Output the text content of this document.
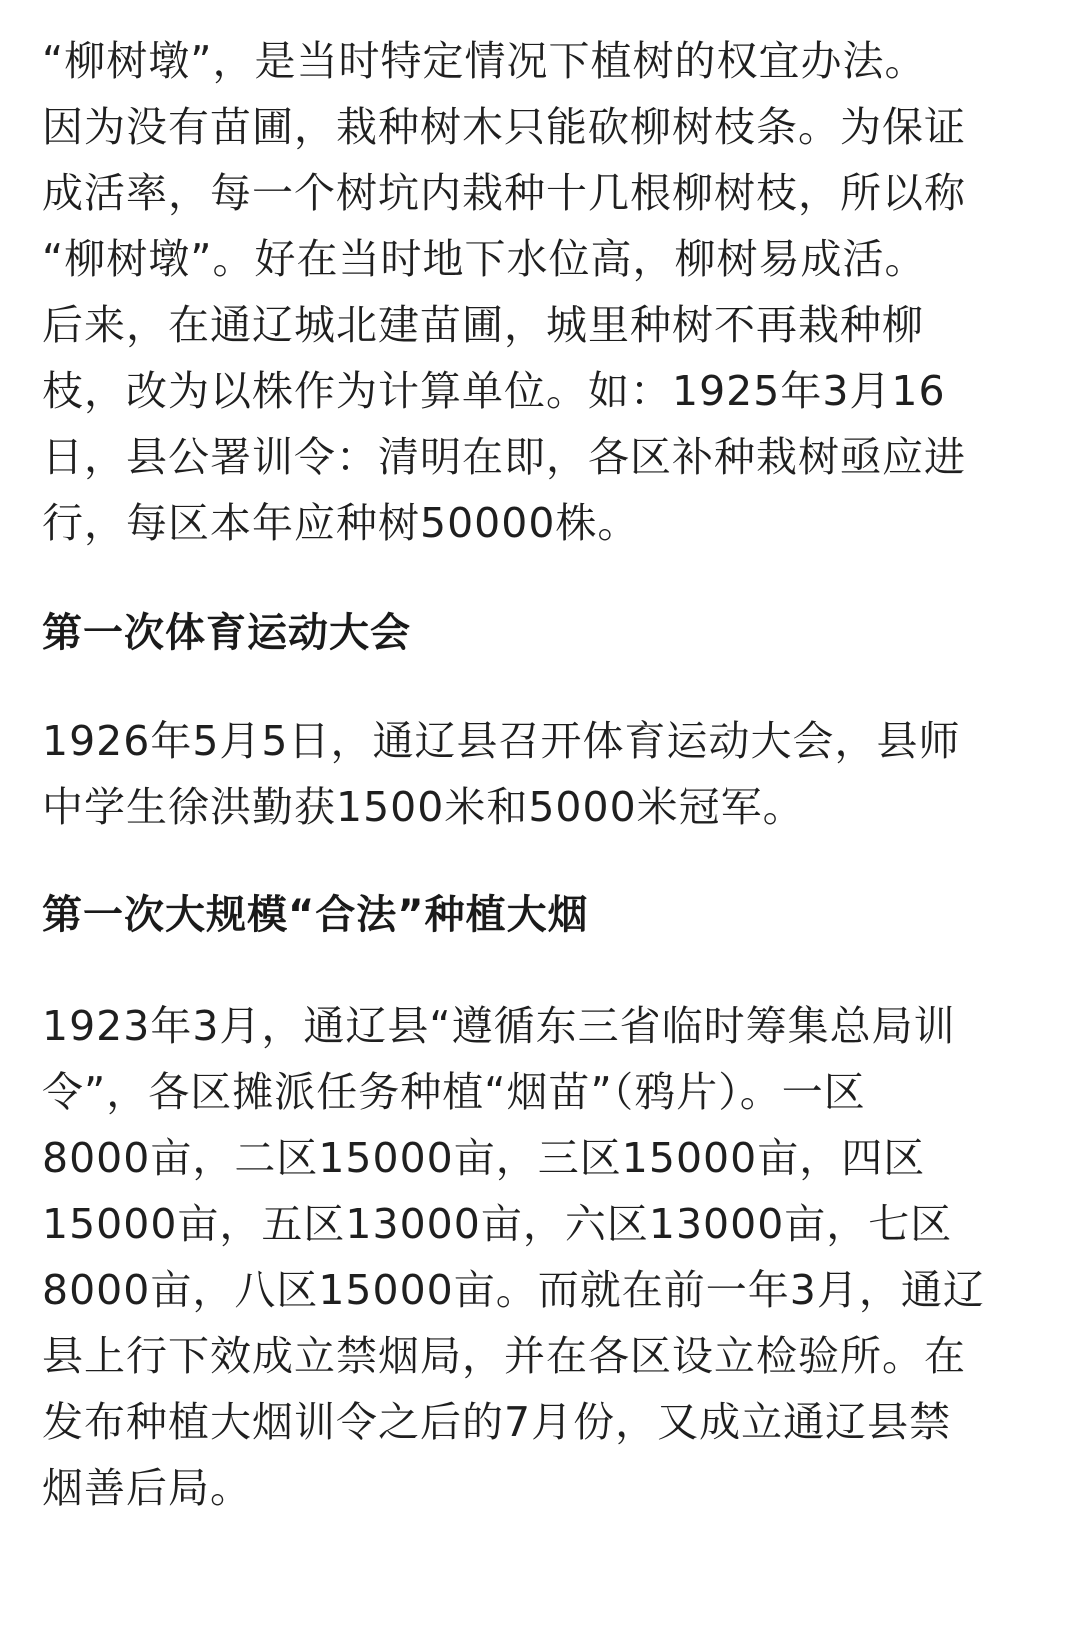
“柳树墩”，是当时特定情况下植树的权宜办法。
因为没有苗圃，栽种树木只能砍柳树枝条。为保证
成活率，每一个树坑内栽种十几根柳树枝，所以称
“柳树墩”。好在当时地下水位高，柳树易成活。
后来，在通辽城北建苗圃，城里种树不再栽种柳
枝，改为以株作为计算单位。如：1925年3月16
日，县公署训令：清明在即，各区补种栽树亟应进
行，每区本年应种树50000株。
第一次体育运动大会
1926年5月5日，通辽县召开体育运动大会，县师
中学生徐洪勤获1500米和5000米冠军。
第一次大规模“合法”种植大烟
1923年3月，通辽县“遵循东三省临时筹集总局训
令”，各区摊派任务种植“烟苗”（鸦片）。一区
8000亩，二区15000亩，三区15000亩，四区
15000亩，五区13000亩，六区13000亩，七区
8000亩，八区15000亩。而就在前一年3月，通辽
县上行下效成立禁烟局，并在各区设立检验所。在
发布种植大烟训令之后的7月份，又成立通辽县禁
烟善后局。
